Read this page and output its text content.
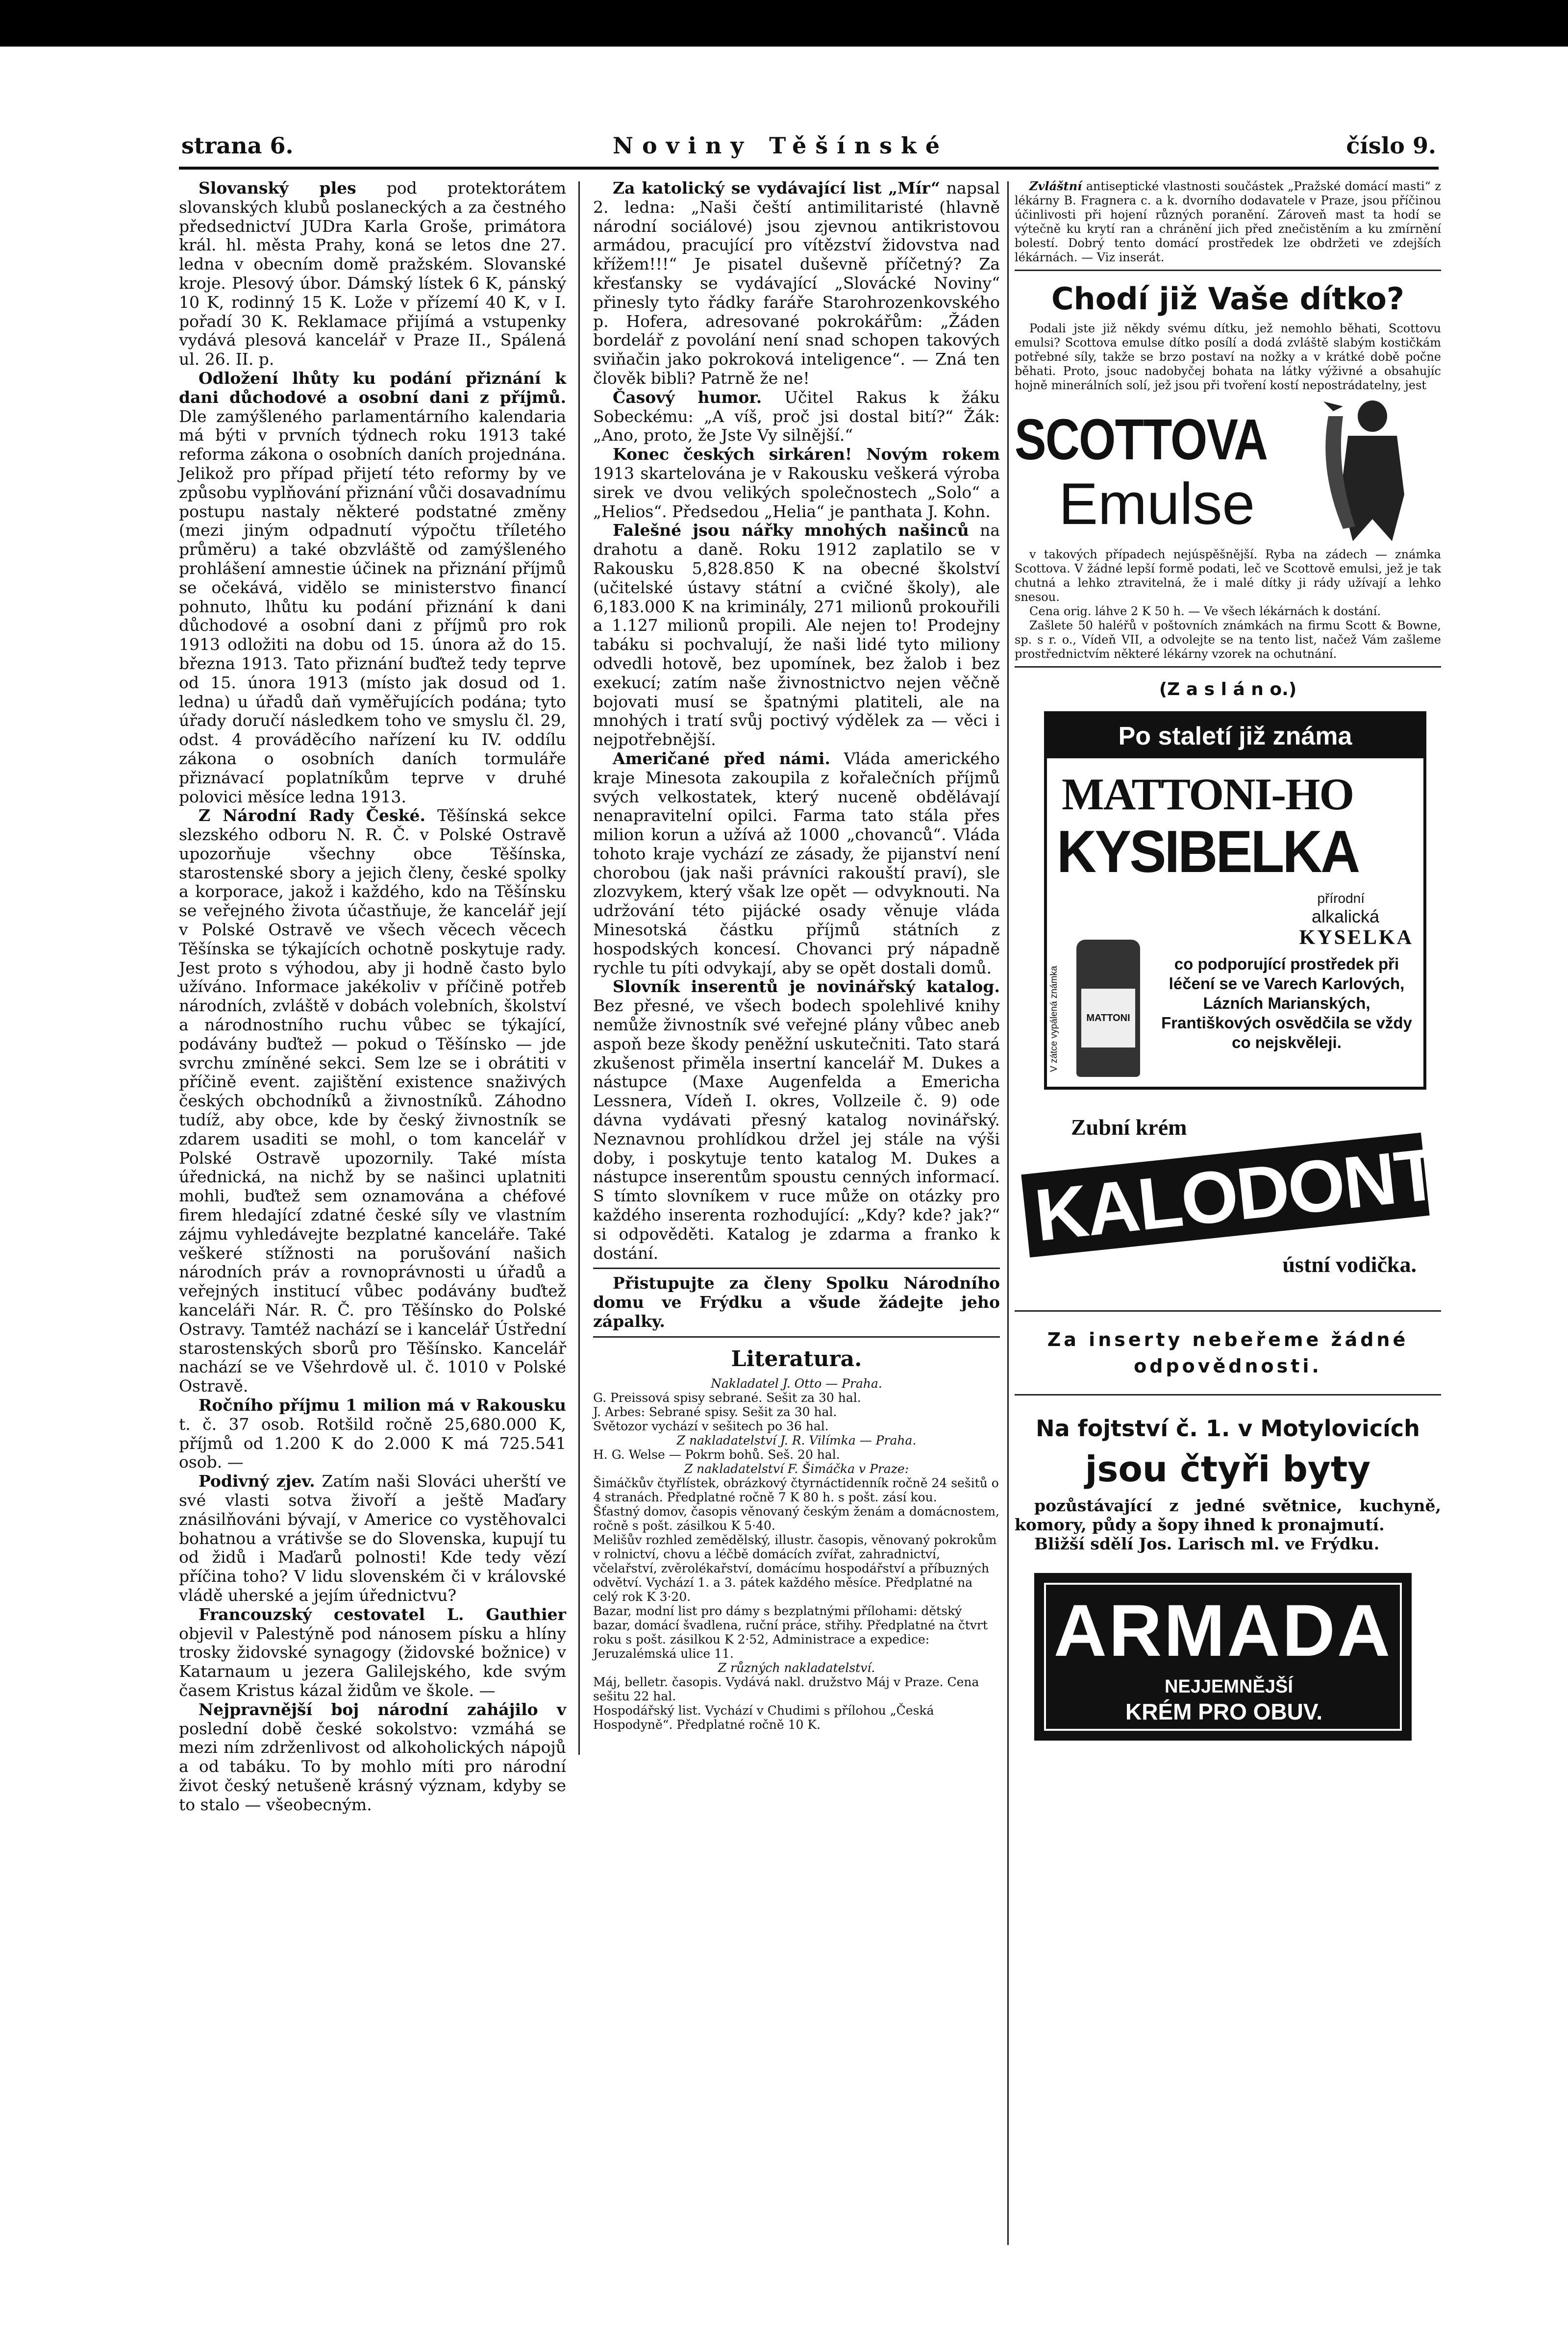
strana 6.	Noviny Těšínské	číslo 9.

Slovanský ples pod protektorátem slovanských klubů poslaneckých a za čestného předsednictví JUDra Karla Groše, primátora král. hl. města Prahy, koná se letos dne 27. ledna v obecním domě pražském. Slovanské kroje. Plesový úbor. Dámský lístek 6 K, pánský 10 K, rodinný 15 K. Lože v přízemí 40 K, v I. pořadí 30 K. Reklamace přijímá a vstupenky vydává plesová kancelář v Praze II., Spálená ul. 26. II. p.

Odložení lhůty ku podání přiznání k dani důchodové a osobní dani z příjmů. Dle zamýšleného parlamentárního kalendaria má býti v prvních týdnech roku 1913 také reforma zákona o osobních daních projednána. Jelikož pro případ přijetí této reformy by ve způsobu vyplňování přiznání vůči dosavadnímu postupu nastaly některé podstatné změny (mezi jiným odpadnutí výpočtu tříletého průměru) a také obzvláště od zamýšleného prohlášení amnestie účinek na přiznání příjmů se očekává, vidělo se ministerstvo financí pohnuto, lhůtu ku podání přiznání k dani důchodové a osobní dani z příjmů pro rok 1913 odložiti na dobu od 15. února až do 15. března 1913. Tato přiznání buďtež tedy teprve od 15. února 1913 (místo jak dosud od 1. ledna) u úřadů daň vyměřujících podána; tyto úřady doručí následkem toho ve smyslu čl. 29, odst. 4 prováděcího nařízení ku IV. oddílu zákona o osobních daních tormuláře přiznávací poplatníkům teprve v druhé polovici měsíce ledna 1913.

Z Národní Rady České. Těšínská sekce slezského odboru N. R. Č. v Polské Ostravě upozorňuje všechny obce Těšínska, starostenské sbory a jejich členy, české spolky a korporace, jakož i každého, kdo na Těšínsku se veřejného života účastňuje, že kancelář její v Polské Ostravě ve všech věcech věcech Těšínska se týkajících ochotně poskytuje rady. Jest proto s výhodou, aby ji hodně často bylo užíváno. Informace jakékoliv v příčině potřeb národních, zvláště v dobách volebních, školství a národnostního ruchu vůbec se týkající, podávány buďtež — pokud o Těšínsko — jde svrchu zmíněné sekci. Sem lze se i obrátiti v příčině event. zajištění existence snaživých českých obchodníků a živnostníků. Záhodno tudíž, aby obce, kde by český živnostník se zdarem usaditi se mohl, o tom kancelář v Polské Ostravě upozornily. Také místa úřednická, na nichž by se našinci uplatniti mohli, buďtež sem oznamována a chéfové firem hledající zdatné české síly ve vlastním zájmu vyhledávejte bezplatné kanceláře. Také veškeré stížnosti na porušování našich národních práv a rovnoprávnosti u úřadů a veřejných institucí vůbec podávány buďtež kanceláři Nár. R. Č. pro Těšínsko do Polské Ostravy. Tamtéž nachází se i kancelář Ústřední starostenských sborů pro Těšínsko. Kancelář nachází se ve Všehrdově ul. č. 1010 v Polské Ostravě.

Ročního příjmu 1 milion má v Rakousku t. č. 37 osob. Rotšild ročně 25,680.000 K, příjmů od 1.200 K do 2.000 K má 725.541 osob. —

Podivný zjev. Zatím naši Slováci uherští ve své vlasti sotva živoří a ještě Maďary znásilňováni bývají, v Americe co vystěhovalci bohatnou a vrátivše se do Slovenska, kupují tu od židů i Maďarů polnosti! Kde tedy vězí příčina toho? V lidu slovenském či v královské vládě uherské a jejím úřednictvu?

Francouzský cestovatel L. Gauthier objevil v Palestýně pod nánosem písku a hlíny trosky židovské synagogy (židovské božnice) v Katarnaum u jezera Galilejského, kde svým časem Kristus kázal židům ve škole. —

Nejpravnější boj národní zahájilo v poslední době české sokolstvo: vzmáhá se mezi ním zdrženlivost od alkoholických nápojů a od tabáku. To by mohlo míti pro národní život český netušeně krásný význam, kdyby se to stalo — všeobecným.

Za katolický se vydávající list „Mír“ napsal 2. ledna: „Naši čeští antimilitaristé (hlavně národní sociálové) jsou zjevnou antikristovou armádou, pracující pro vítězství židovstva nad křížem!!!“ Je pisatel duševně příčetný? Za křesťansky se vydávající „Slovácké Noviny“ přinesly tyto řádky faráře Starohrozenkovského p. Hofera, adresované pokrokářům: „Žáden bordelář z povolání není snad schopen takových sviňačin jako pokroková inteligence“. — Zná ten člověk bibli? Patrně že ne!

Časový humor. Učitel Rakus k žáku Sobeckému: „A víš, proč jsi dostal bití?“ Žák: „Ano, proto, že Jste Vy silnější.“

Konec českých sirkáren! Novým rokem 1913 skartelována je v Rakousku veškerá výroba sirek ve dvou velikých společnostech „Solo“ a „Helios“. Předsedou „Helia“ je panthata J. Kohn.

Falešné jsou nářky mnohých našinců na drahotu a daně. Roku 1912 zaplatilo se v Rakousku 5,828.850 K na obecné školství (učitelské ústavy státní a cvičné školy), ale 6,183.000 K na kriminály, 271 milionů prokouřili a 1.127 milionů propili. Ale nejen to! Prodejny tabáku si pochvalují, že naši lidé tyto miliony odvedli hotově, bez upomínek, bez žalob i bez exekucí; zatím naše živnostnictvo nejen věčně bojovati musí se špatnými platiteli, ale na mnohých i tratí svůj poctivý výdělek za — věci i nejpotřebnější.

Američané před námi. Vláda amerického kraje Minesota zakoupila z kořalečních příjmů svých velkostatek, který nuceně obdělávají nenapravitelní opilci. Farma tato stála přes milion korun a užívá až 1000 „chovanců“. Vláda tohoto kraje vychází ze zásady, že pijanství není chorobou (jak naši právníci rakouští praví), sle zlozvykem, který však lze opět — odvyknouti. Na udržování této pijácké osady věnuje vláda Minesotská částku příjmů státních z hospodských koncesí. Chovanci prý nápadně rychle tu píti odvykají, aby se opět dostali domů.

Slovník inserentů je novinářský katalog. Bez přesné, ve všech bodech spolehlivé knihy nemůže živnostník své veřejné plány vůbec aneb aspoň beze škody peněžní uskutečniti. Tato stará zkušenost přiměla insertní kancelář M. Dukes a nástupce (Maxe Augenfelda a Emericha Lessnera, Vídeň I. okres, Vollzeile č. 9) ode dávna vydávati přesný katalog novinářský. Neznavnou prohlídkou držel jej stále na výši doby, i poskytuje tento katalog M. Dukes a nástupce inserentům spoustu cenných informací. S tímto slovníkem v ruce může on otázky pro každého inserenta rozhodující: „Kdy? kde? jak?“ si odpověděti. Katalog je zdarma a franko k dostání.

Přistupujte za členy Spolku Národního domu ve Frýdku a všude žádejte jeho zápalky.

Literatura.

Nakladatel J. Otto — Praha.

G. Preissová spisy sebrané. Sešit za 30 hal.

J. Arbes: Sebrané spisy. Sešit za 30 hal.

Světozor vychází v sešitech po 36 hal.

Z nakladatelství J. R. Vilímka — Praha.

H. G. Welse — Pokrm bohů. Seš. 20 hal.

Z nakladatelství F. Šimáčka v Praze:

Šimáčkův čtyřlístek, obrázkový čtyrnáctidenník ročně 24 sešitů o 4 stranách. Předplatné ročně 7 K 80 h. s pošt. zásí kou.

Šťastný domov, časopis věnovaný českým ženám a domácnostem, ročně s pošt. zásilkou K 5·40.

Melišův rozhled zemědělský, illustr. časopis, věnovaný pokrokům v rolnictví, chovu a léčbě domácích zvířat, zahradnictví, včelařství, zvěrolékařství, domácímu hospodářství a příbuzných odvětví. Vychází 1. a 3. pátek každého měsíce. Předplatné na celý rok K 3·20.

Bazar, modní list pro dámy s bezplatnými přílohami: dětský bazar, domácí švadlena, ruční práce, střihy. Předplatné na čtvrt roku s pošt. zásilkou K 2·52, Administrace a expedice: Jeruzalémská ulice 11.

Z různých nakladatelství.

Máj, belletr. časopis. Vydává nakl. družstvo Máj v Praze. Cena sešitu 22 hal.

Hospodářský list. Vychází v Chudimi s přílohou „Česká Hospodyně“. Předplatné ročně 10 K.

Zvláštní antiseptické vlastnosti součástek „Pražské domácí masti“ z lékárny B. Fragnera c. a k. dvorního dodavatele v Praze, jsou příčinou účinlivosti při hojení různých poranění. Zároveň mast ta hodí se výtečně ku krytí ran a chránění jich před znečistěním a ku zmírnění bolestí. Dobrý tento domácí prostředek lze obdržeti ve zdejších lékárnách. — Viz inserát.

Chodí již Vaše dítko?

Podali jste již někdy svému dítku, jež nemohlo běhati, Scottovu emulsi? Scottova emulse dítko posílí a dodá zvláště slabým kostičkám potřebné síly, takže se brzo postaví na nožky a v krátké době počne běhati. Proto, jsouc nadobyčej bohata na látky výživné a obsahujíc hojně minerálních solí, jež jsou při tvoření kostí nepostrádatelny, jest

SCOTTOVA
Emulse

v takových případech nejúspěšnější. Ryba na zádech — známka Scottova. V žádné lepší formě podati, leč ve Scottově emulsi, jež je tak chutná a lehko ztravitelná, že i malé dítky ji rády užívají a lehko snesou.

Cena orig. láhve 2 K 50 h. — Ve všech lékárnách k dostání.

Zašlete 50 haléřů v poštovních známkách na firmu Scott & Bowne, sp. s r. o., Vídeň VII, a odvolejte se na tento list, načež Vám zašleme prostřednictvím některé lékárny vzorek na ochutnání.

(Z a s l á n o.)
Po staletí již známa
MATTONI-HO
KYSIBELKA
přírodní
alkalická
KYSELKA
V zátce vypálená známka	MATTONI
co podporující prostředek při léčení se ve Varech Karlových, Lázních Marianských, Františkových osvědčila se vždy co nejskvěleji.
Zubní krém
KALODONT
ústní vodička.
Za inserty nebeřeme žádné odpovědnosti.
Na fojtství č. 1. v Motylovicích
jsou čtyři byty

pozůstávající z jedné světnice, kuchyně, komory, půdy a šopy ihned k pronajmutí.

Bližší sdělí Jos. Larisch ml. ve Frýdku.

ARMADA
NEJJEMNĚJŠÍ
KRÉM PRO OBUV.
